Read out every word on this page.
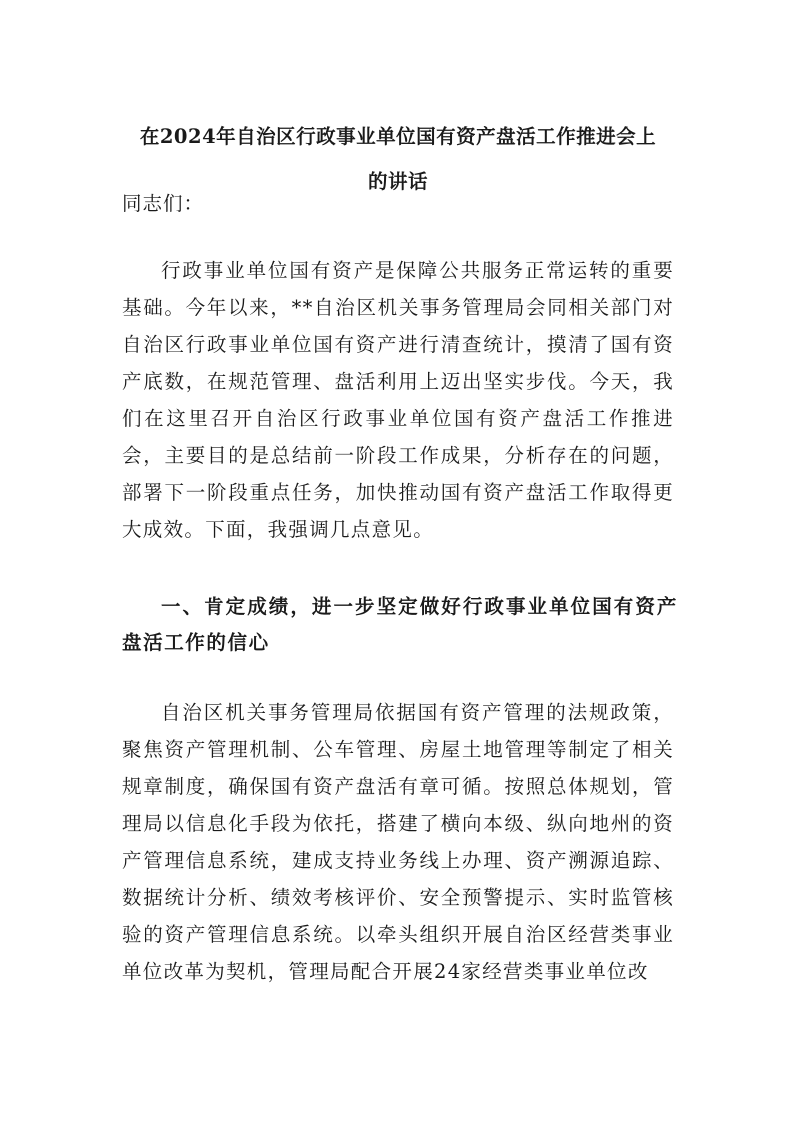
在2024年自治区行政事业单位国有资产盘活工作推进会上
的讲话

同志们：

行政事业单位国有资产是保障公共服务正常运转的重要基础。今年以来，**自治区机关事务管理局会同相关部门对自治区行政事业单位国有资产进行清查统计，摸清了国有资产底数，在规范管理、盘活利用上迈出坚实步伐。今天，我们在这里召开自治区行政事业单位国有资产盘活工作推进会，主要目的是总结前一阶段工作成果，分析存在的问题，部署下一阶段重点任务，加快推动国有资产盘活工作取得更大成效。下面，我强调几点意见。

一、肯定成绩，进一步坚定做好行政事业单位国有资产盘活工作的信心

自治区机关事务管理局依据国有资产管理的法规政策，聚焦资产管理机制、公车管理、房屋土地管理等制定了相关规章制度，确保国有资产盘活有章可循。按照总体规划，管理局以信息化手段为依托，搭建了横向本级、纵向地州的资产管理信息系统，建成支持业务线上办理、资产溯源追踪、数据统计分析、绩效考核评价、安全预警提示、实时监管核验的资产管理信息系统。以牵头组织开展自治区经营类事业单位改革为契机，管理局配合开展24家经营类事业单位改
